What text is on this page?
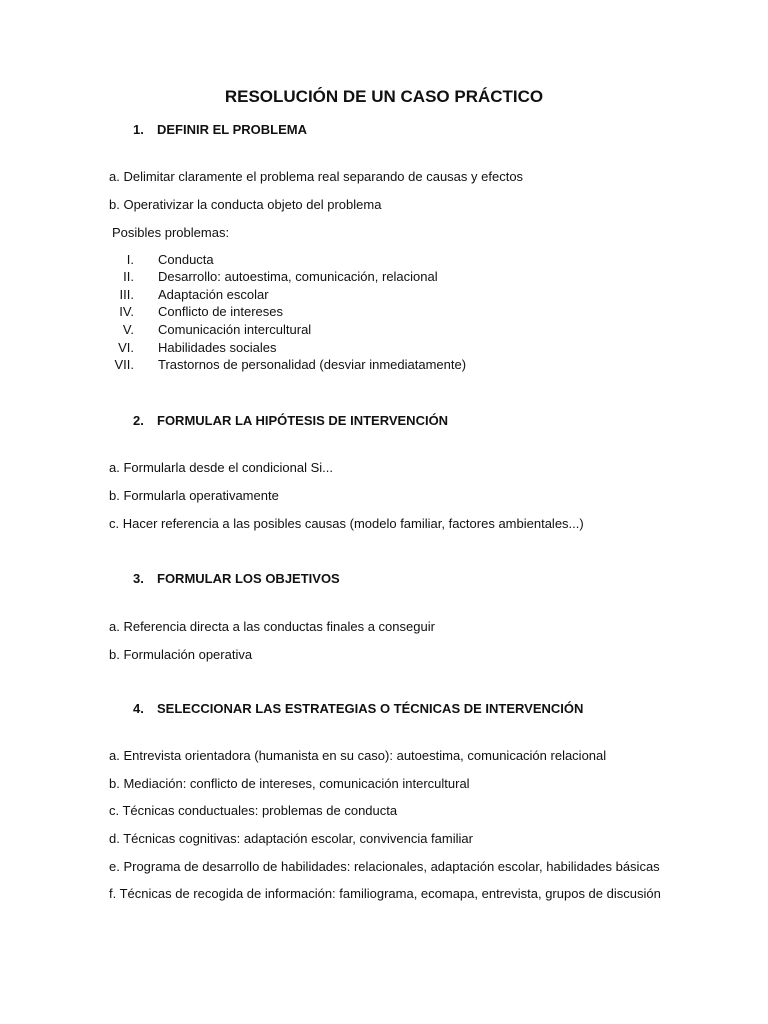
RESOLUCIÓN DE UN CASO PRÁCTICO
1. DEFINIR EL PROBLEMA
a. Delimitar claramente el problema real separando de causas y efectos
b. Operativizar la conducta objeto del problema
Posibles problemas:
I. Conducta
II. Desarrollo: autoestima, comunicación, relacional
III. Adaptación escolar
IV. Conflicto de intereses
V. Comunicación intercultural
VI. Habilidades sociales
VII. Trastornos de personalidad (desviar inmediatamente)
2. FORMULAR LA HIPÓTESIS DE INTERVENCIÓN
a. Formularla desde el condicional Si...
b. Formularla operativamente
c. Hacer referencia a las posibles causas (modelo familiar, factores ambientales...)
3. FORMULAR LOS OBJETIVOS
a. Referencia directa a las conductas finales a conseguir
b. Formulación operativa
4. SELECCIONAR LAS ESTRATEGIAS O TÉCNICAS DE INTERVENCIÓN
a. Entrevista orientadora (humanista en su caso): autoestima, comunicación relacional
b. Mediación: conflicto de intereses, comunicación intercultural
c. Técnicas conductuales: problemas de conducta
d. Técnicas cognitivas: adaptación escolar, convivencia familiar
e. Programa de desarrollo de habilidades: relacionales, adaptación escolar, habilidades básicas
f. Técnicas de recogida de información: familiograma, ecomapa, entrevista, grupos de discusión
